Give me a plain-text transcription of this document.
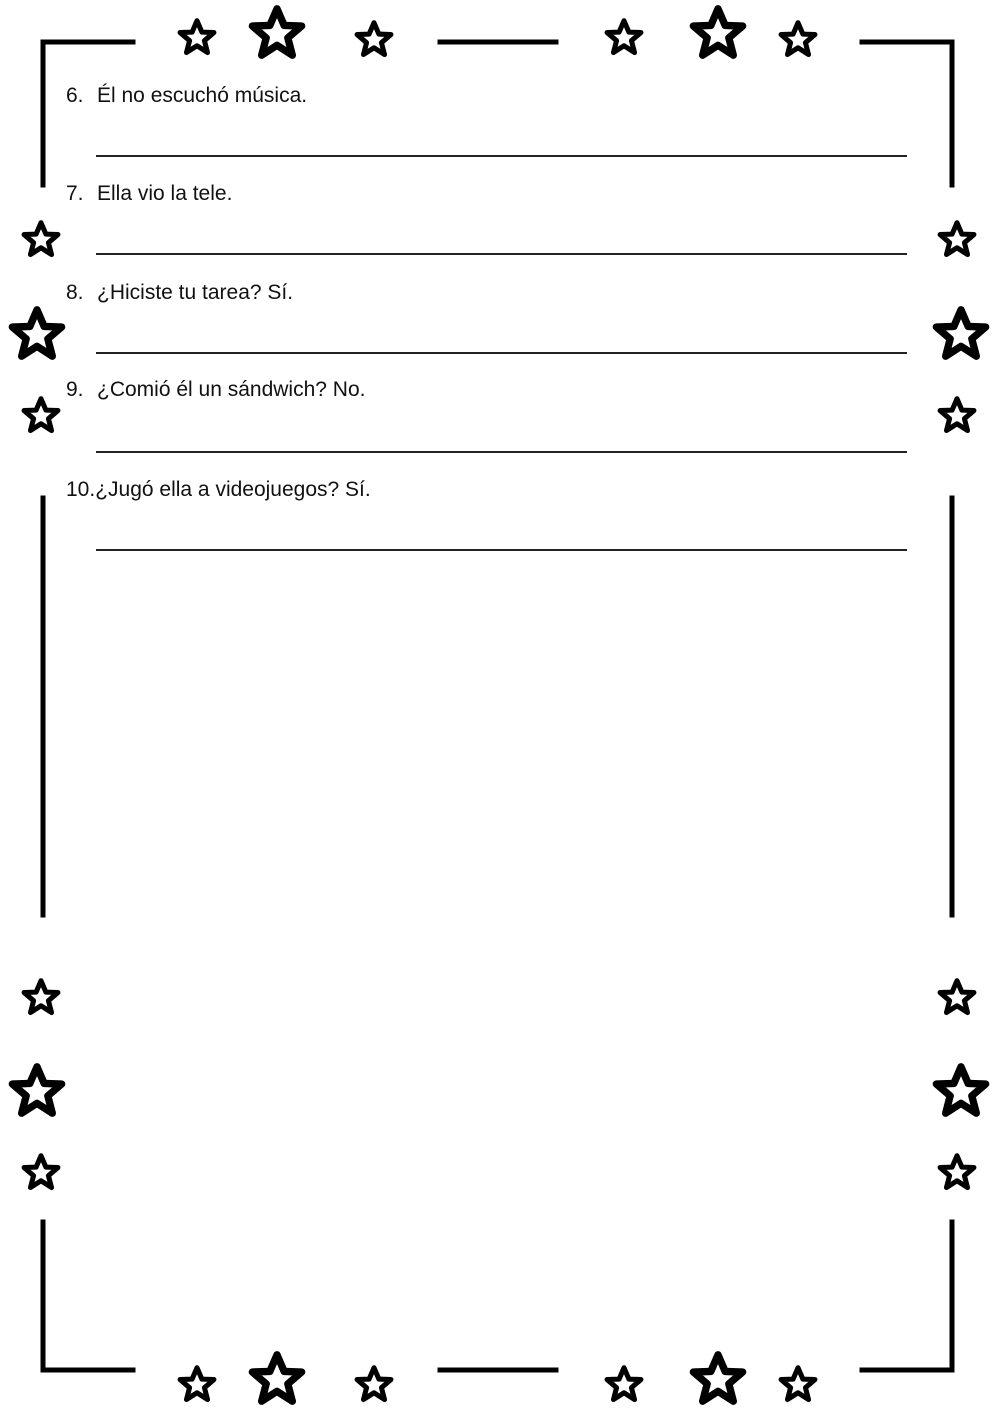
6. Él no escuchó música.
7. Ella vio la tele.
8. ¿Hiciste tu tarea? Sí.
9. ¿Comió él un sándwich? No.
10.¿Jugó ella a videojuegos? Sí.
